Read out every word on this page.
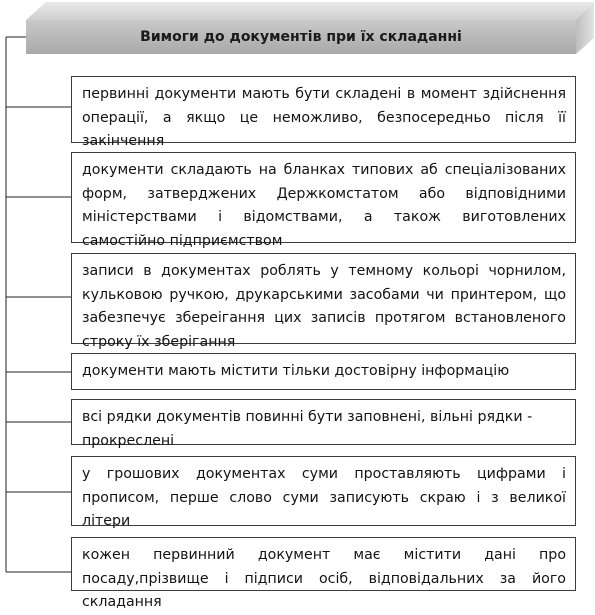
Вимоги до документів при їх складанні

первинні документи мають бути складені в момент здійснення операції, а якщо це неможливо, безпосередньо після її закінчення

документи складають на бланках типових аб спеціалізованих форм, затверджених Держкомстатом або відповідними міністерствами і відомствами, а також виготовлених самостійно підприємством

записи в документах роблять у темному кольорі чорнилом, кульковою ручкою, друкарськими засобами чи принтером, що забезпечує збереігання цих записів протягом встановленого строку їх зберігання

документи мають містити тільки достовірну інформацію

всі рядки документів повинні бути заповнені, вільні рядки - прокреслені

у грошових документах суми проставляють цифрами і прописом, перше слово суми записують скраю і з великої літери

кожен первинний документ має містити дані про посаду,прізвище і підписи осіб, відповідальних за його складання
